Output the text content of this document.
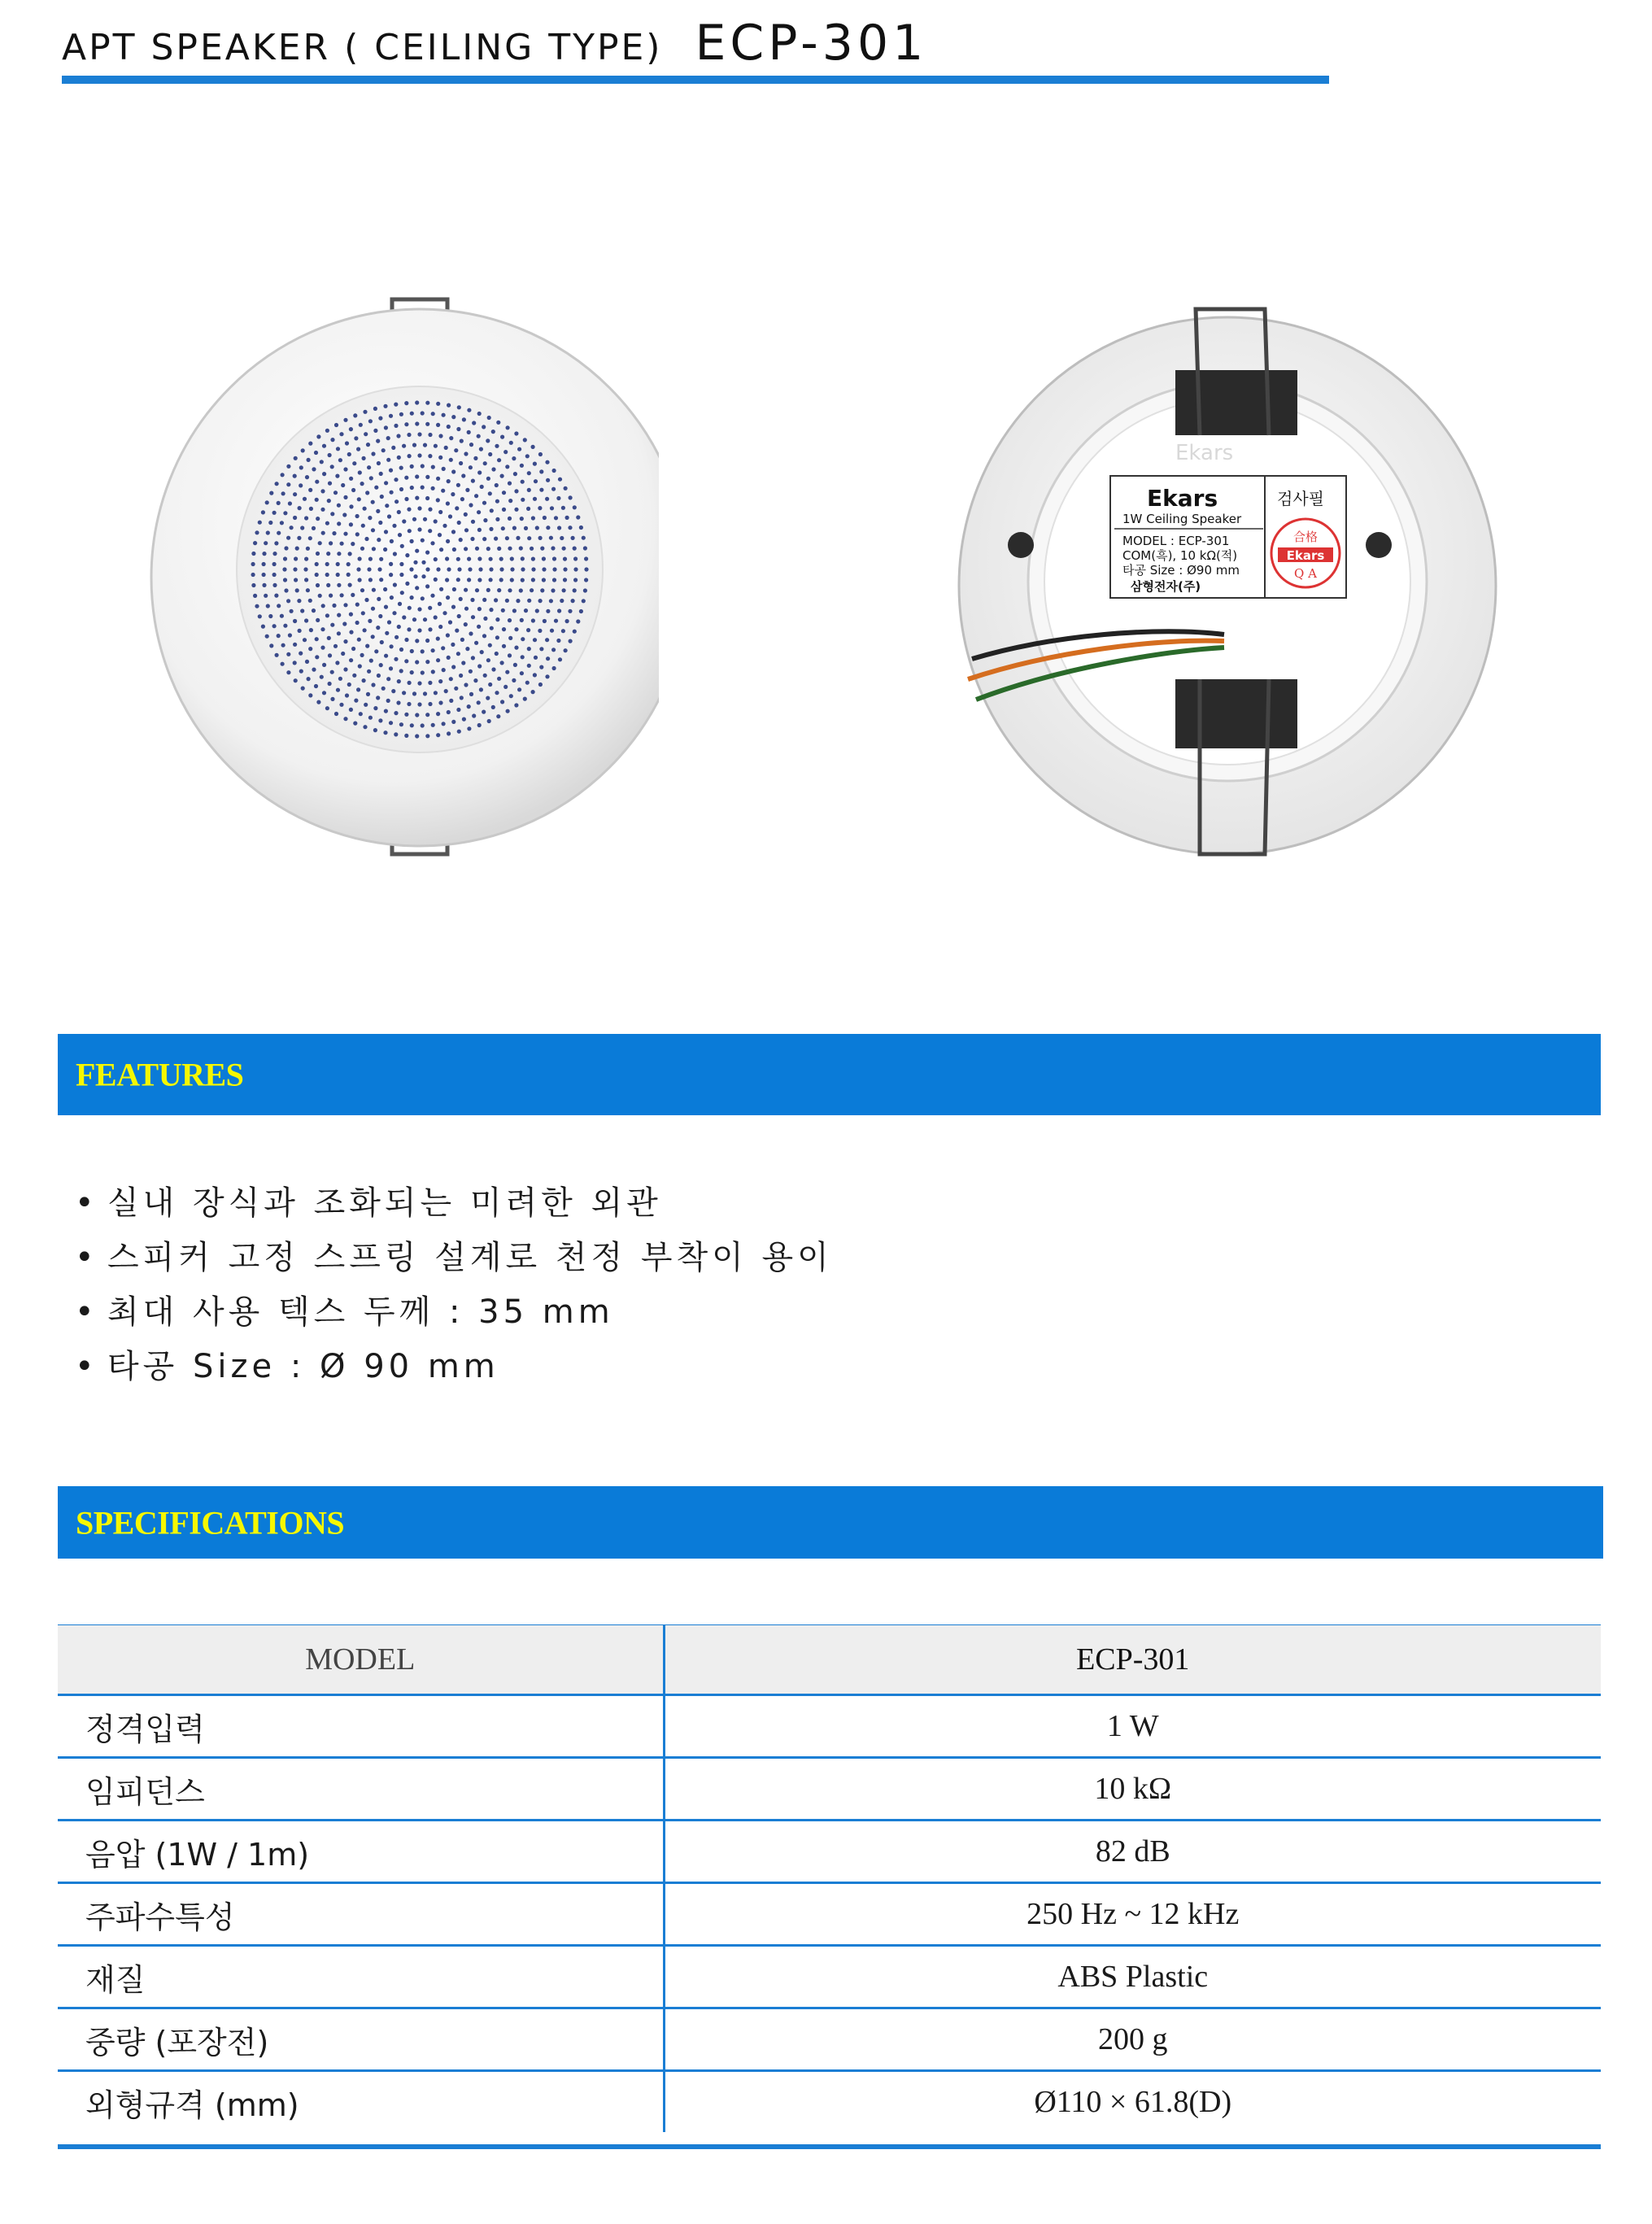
APT SPEAKER ( CEILING TYPE) ECP-301
Ekars
Ekars
1W Ceiling Speaker
MODEL : ECP-301
COM(흑), 10 kΩ(적)
타공 Size : Ø90 mm
삼형전자(주)
검사필
合格
Ekars
Q A
FEATURES
• 실내 장식과 조화되는 미려한 외관
• 스피커 고정 스프링 설계로 천정 부착이 용이
• 최대 사용 텍스 두께 : 35 mm
• 타공 Size : Ø 90 mm
SPECIFICATIONS
MODEL	ECP-301
정격입력	1 W
임피던스	10 kΩ
음압 (1W / 1m)	82 dB
주파수특성	250 Hz ~ 12 kHz
재질	ABS Plastic
중량 (포장전)	200 g
외형규격 (mm)	Ø110 × 61.8(D)
